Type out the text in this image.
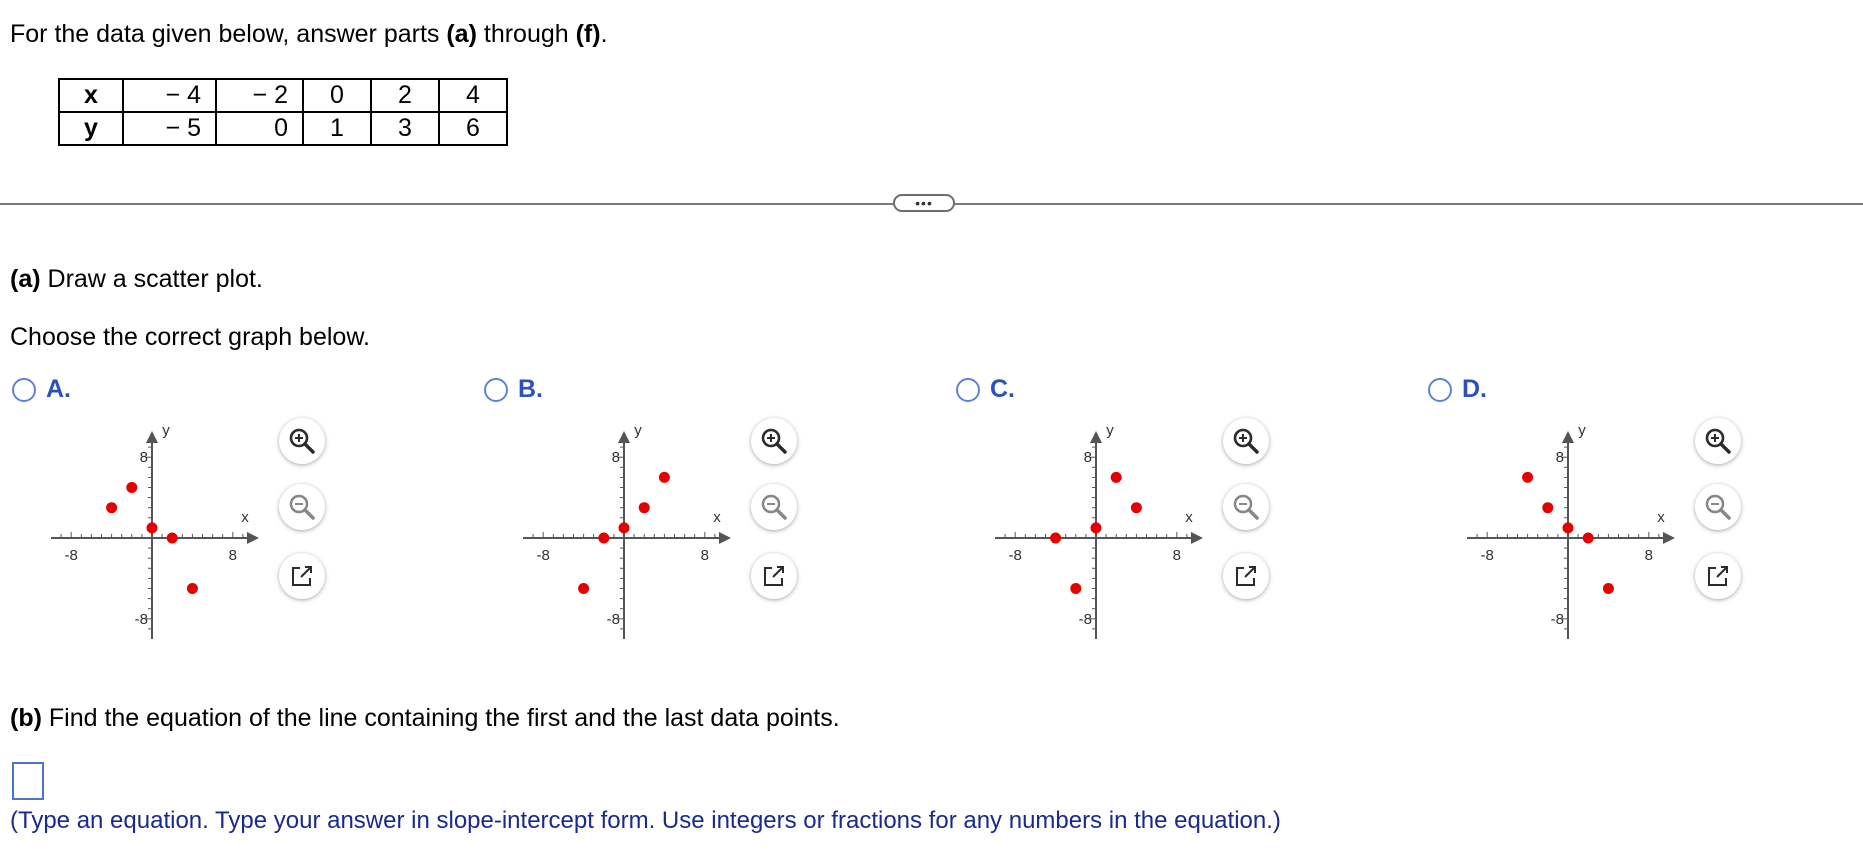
For the data given below, answer parts (a) through (f).
x	− 4	− 2	0	2	4
y	− 5	0	1	3	6
•••
(a) Draw a scatter plot.
Choose the correct graph below.
A.
-8	8
8
-8
x
y
B.
-8	8
8
-8
x
y
C.
-8	8
8
-8
x
y
D.
-8	8
8
-8
x
y
(b) Find the equation of the line containing the first and the last data points.
(Type an equation. Type your answer in slope-intercept form. Use integers or fractions for any numbers in the equation.)
